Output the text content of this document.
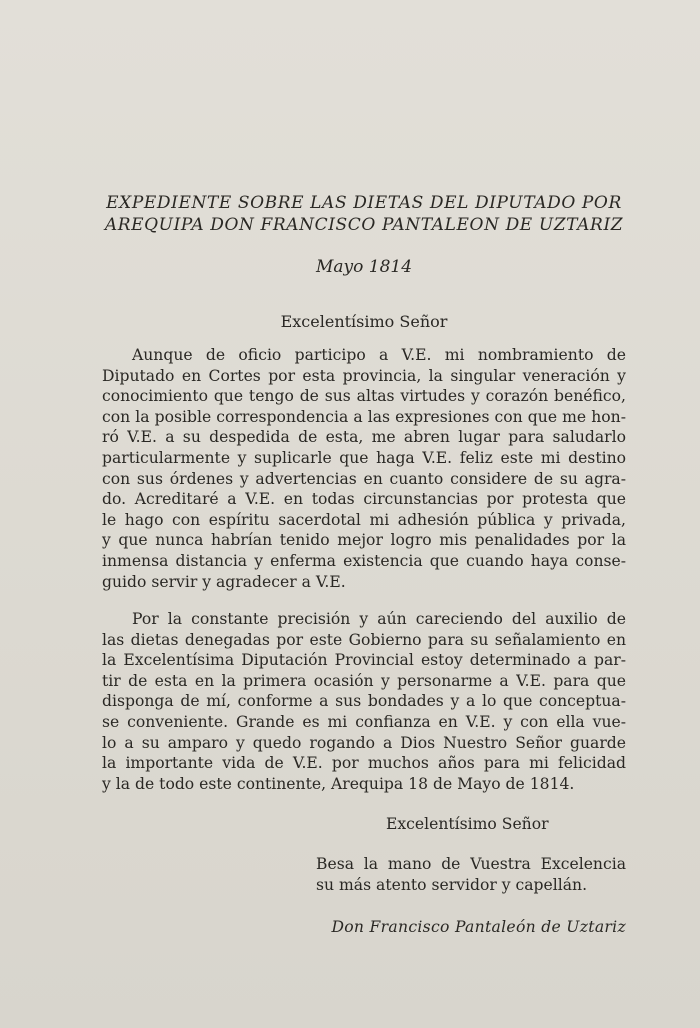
EXPEDIENTE SOBRE LAS DIETAS DEL DIPUTADO POR
AREQUIPA DON FRANCISCO PANTALEON DE UZTARIZ
Mayo 1814
Excelentísimo Señor
Aunque de oficio participo a V.E. mi nombramiento de
Diputado en Cortes por esta provincia, la singular veneración y
conocimiento que tengo de sus altas virtudes y corazón benéfico,
con la posible correspondencia a las expresiones con que me hon-
ró V.E. a su despedida de esta, me abren lugar para saludarlo
particularmente y suplicarle que haga V.E. feliz este mi destino
con sus órdenes y advertencias en cuanto considere de su agra-
do. Acreditaré a V.E. en todas circunstancias por protesta que
le hago con espíritu sacerdotal mi adhesión pública y privada,
y que nunca habrían tenido mejor logro mis penalidades por la
inmensa distancia y enferma existencia que cuando haya conse-
guido servir y agradecer a V.E.
Por la constante precisión y aún careciendo del auxilio de
las dietas denegadas por este Gobierno para su señalamiento en
la Excelentísima Diputación Provincial estoy determinado a par-
tir de esta en la primera ocasión y personarme a V.E. para que
disponga de mí, conforme a sus bondades y a lo que conceptua-
se conveniente. Grande es mi confianza en V.E. y con ella vue-
lo a su amparo y quedo rogando a Dios Nuestro Señor guarde
la importante vida de V.E. por muchos años para mi felicidad
y la de todo este continente, Arequipa 18 de Mayo de 1814.
Excelentísimo Señor
Besa la mano de Vuestra Excelencia
su más atento servidor y capellán.
Don Francisco Pantaleón de Uztariz
